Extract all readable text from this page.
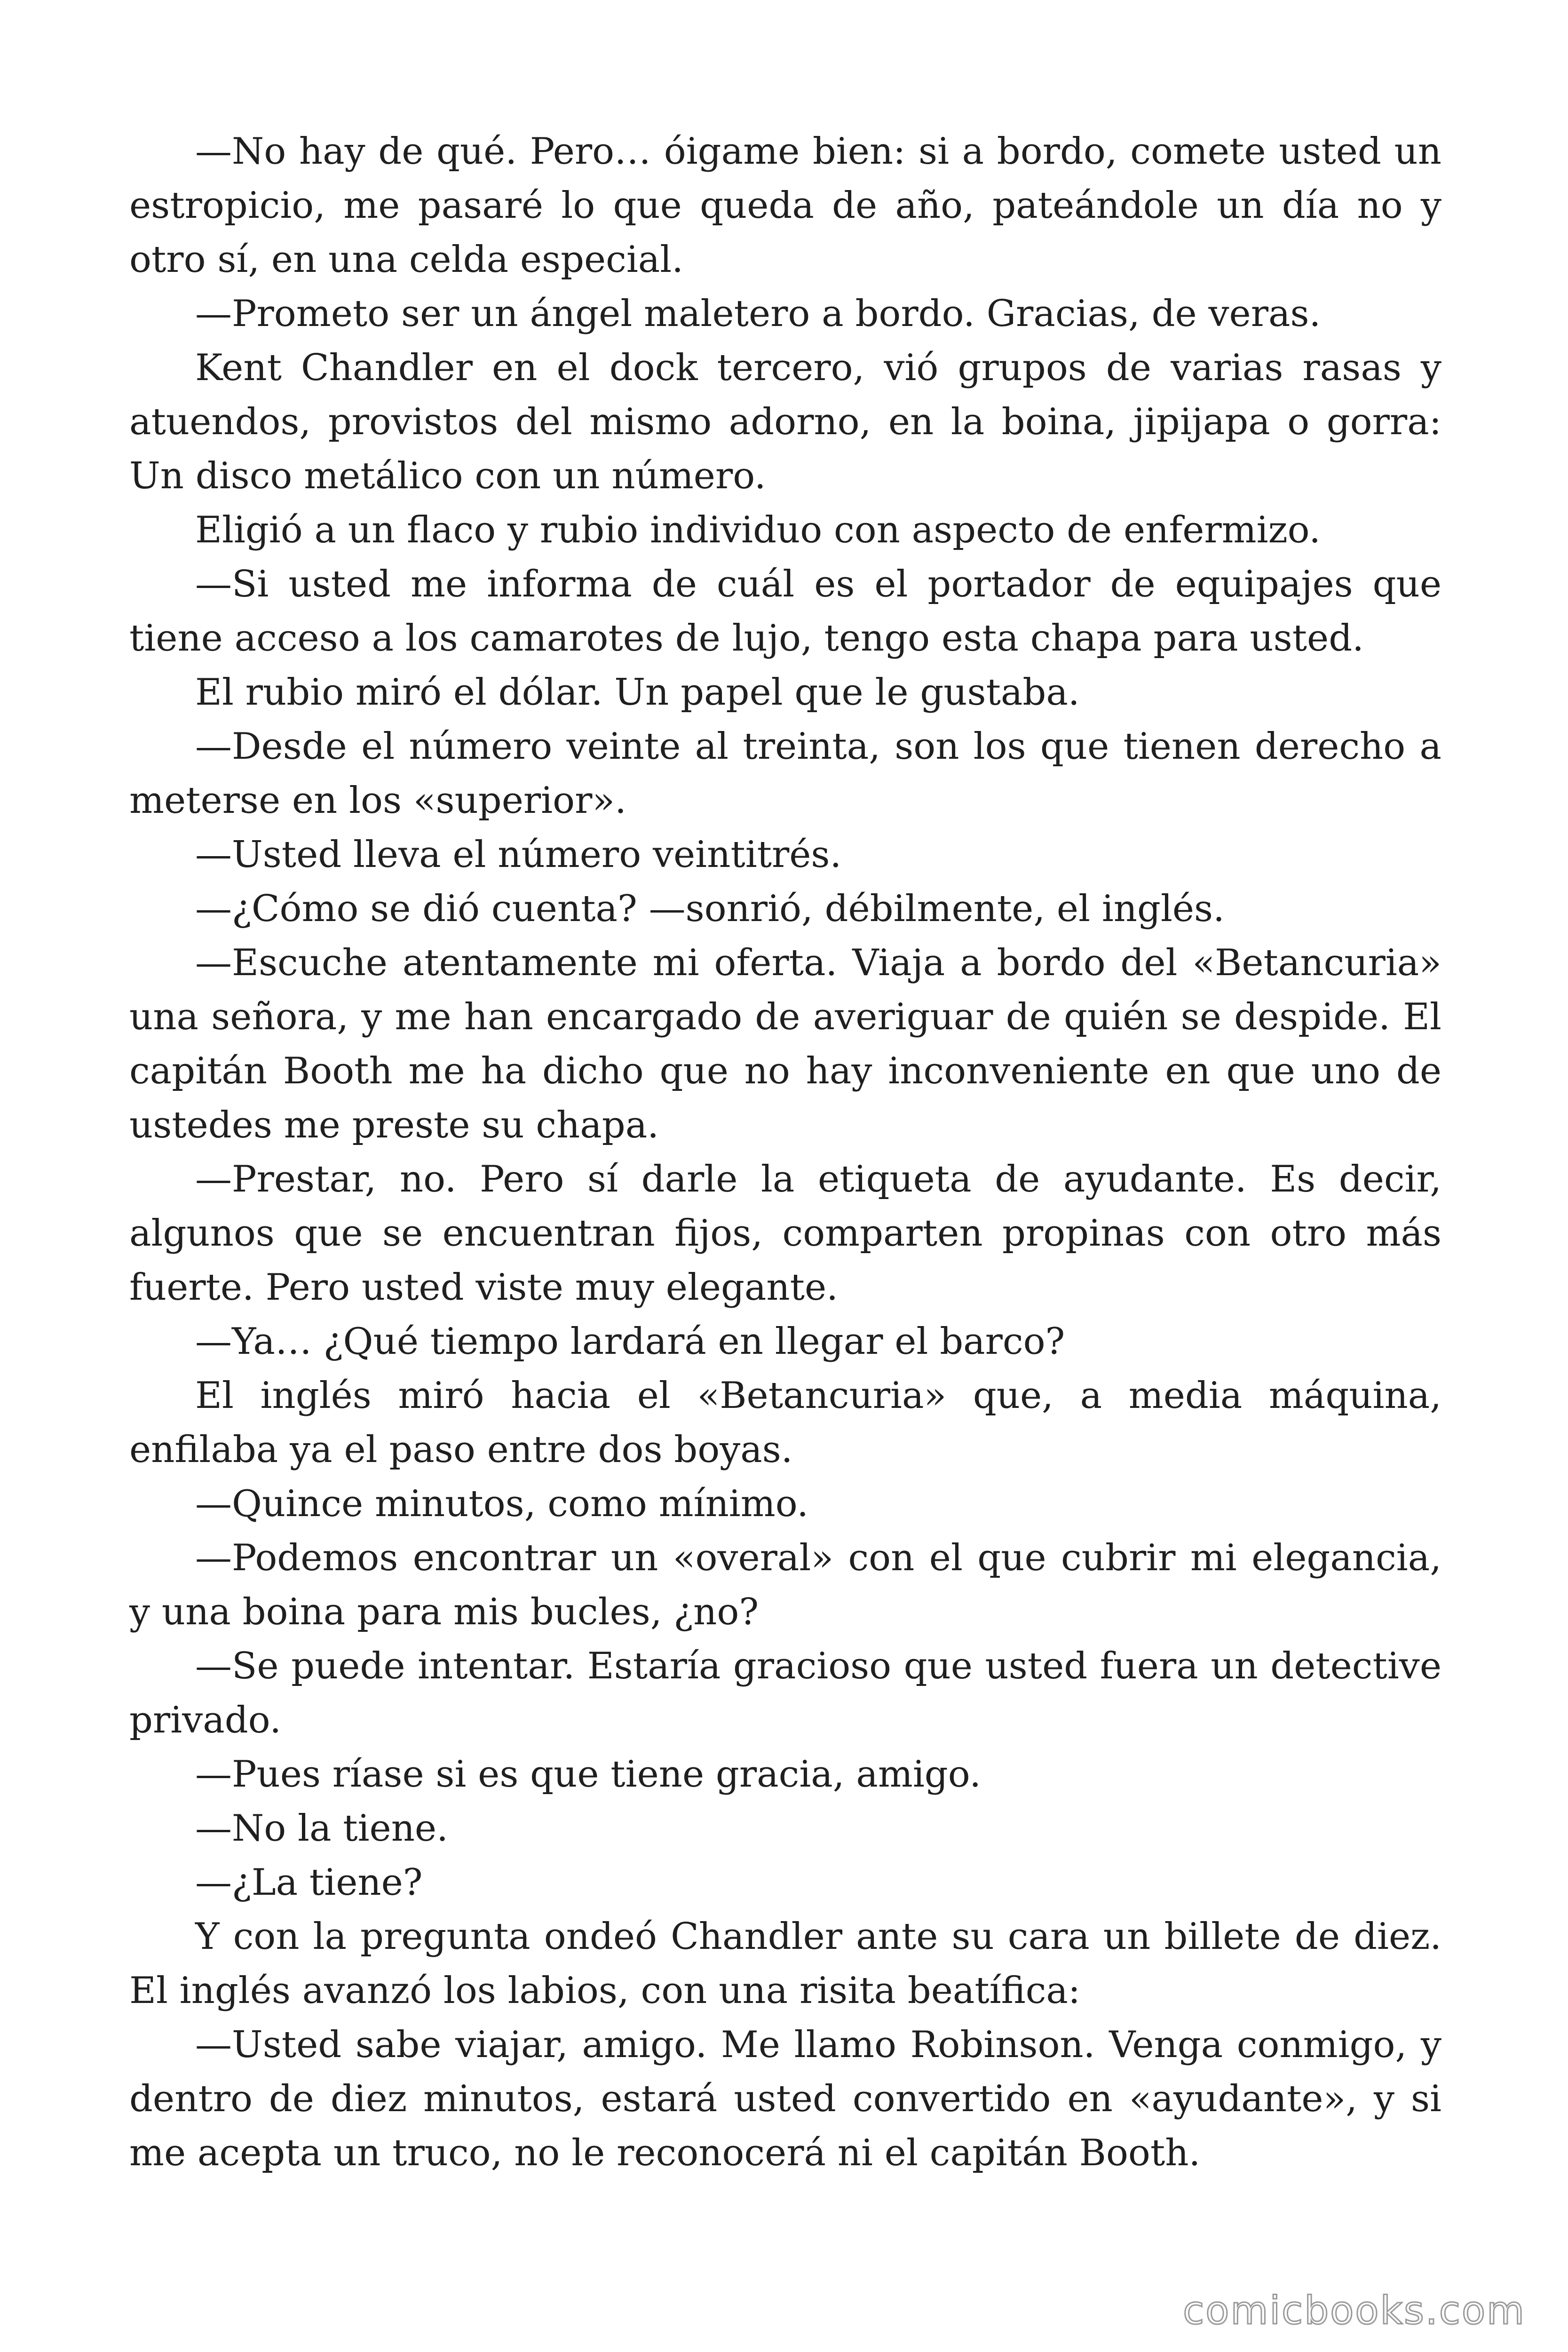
—No hay de qué. Pero… óigame bien: si a bordo, comete usted un estropicio, me pasaré lo que queda de año, pateándole un día no y otro sí, en una celda especial.

—Prometo ser un ángel maletero a bordo. Gracias, de veras.

Kent Chandler en el dock tercero, vió grupos de varias rasas y atuendos, provistos del mismo adorno, en la boina, jipijapa o gorra: Un disco metálico con un número.

Eligió a un flaco y rubio individuo con aspecto de enfermizo.

—Si usted me informa de cuál es el portador de equipajes que tiene acceso a los camarotes de lujo, tengo esta chapa para usted.

El rubio miró el dólar. Un papel que le gustaba.

—Desde el número veinte al treinta, son los que tienen derecho a meterse en los «superior».

—Usted lleva el número veintitrés.

—¿Cómo se dió cuenta? —sonrió, débilmente, el inglés.

—Escuche atentamente mi oferta. Viaja a bordo del «Betancuria» una señora, y me han encargado de averiguar de quién se despide. El capitán Booth me ha dicho que no hay inconveniente en que uno de ustedes me preste su chapa.

—Prestar, no. Pero sí darle la etiqueta de ayudante. Es decir, algunos que se encuentran fijos, comparten propinas con otro más fuerte. Pero usted viste muy elegante.

—Ya… ¿Qué tiempo lardará en llegar el barco?

El inglés miró hacia el «Betancuria» que, a media máquina, enfilaba ya el paso entre dos boyas.

—Quince minutos, como mínimo.

—Podemos encontrar un «overal» con el que cubrir mi elegancia, y una boina para mis bucles, ¿no?

—Se puede intentar. Estaría gracioso que usted fuera un detective privado.

—Pues ríase si es que tiene gracia, amigo.

—No la tiene.

—¿La tiene?

Y con la pregunta ondeó Chandler ante su cara un billete de diez. El inglés avanzó los labios, con una risita beatífica:

—Usted sabe viajar, amigo. Me llamo Robinson. Venga conmigo, y dentro de diez minutos, estará usted convertido en «ayudante», y si me acepta un truco, no le reconocerá ni el capitán Booth.

comicbooks.com
